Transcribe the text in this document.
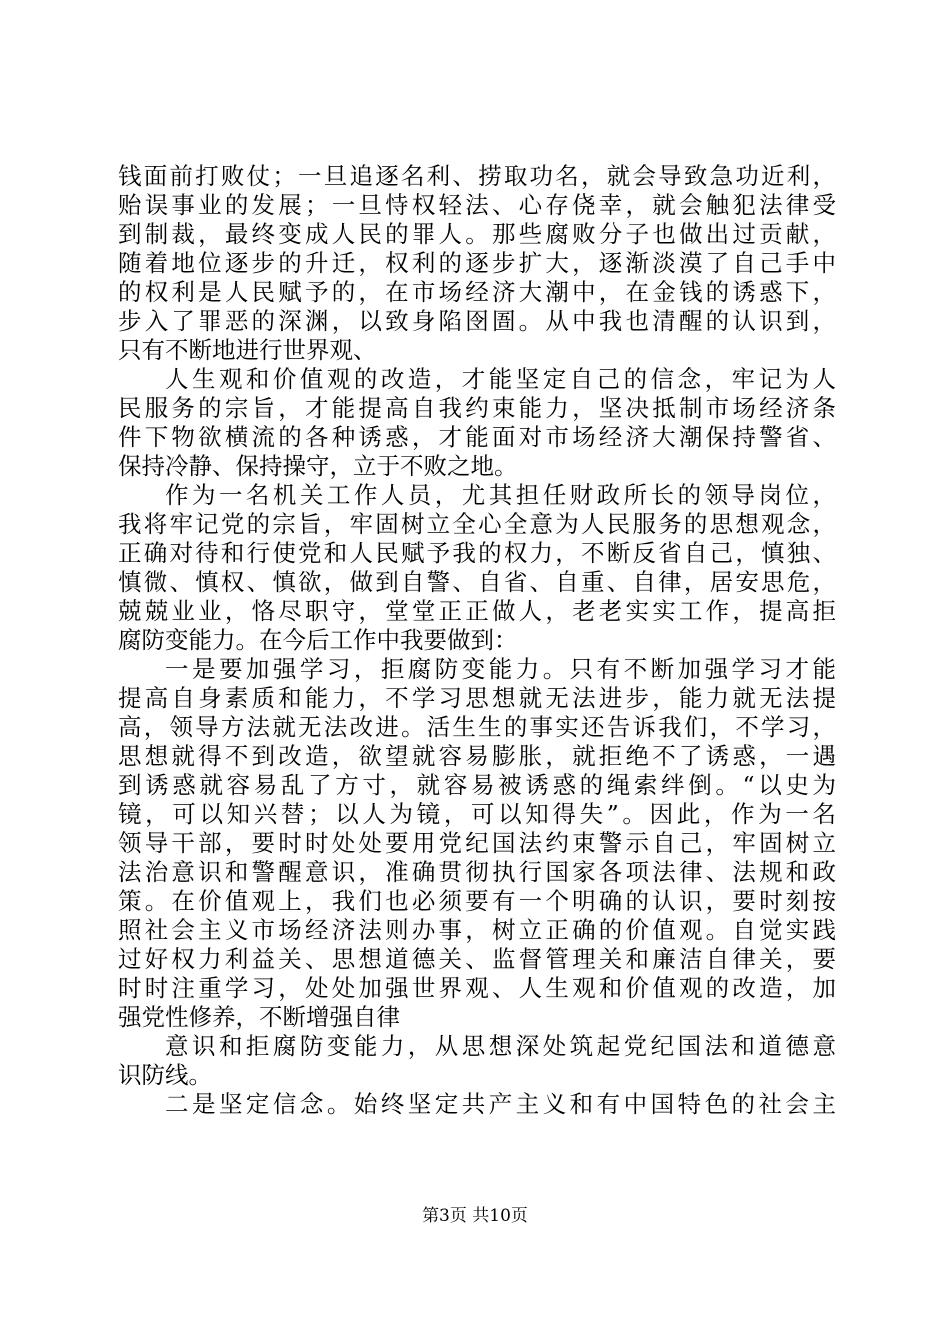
钱面前打败仗；一旦追逐名利、捞取功名，就会导致急功近利，
贻误事业的发展；一旦恃权轻法、心存侥幸，就会触犯法律受
到制裁，最终变成人民的罪人。那些腐败分子也做出过贡献，
随着地位逐步的升迁，权利的逐步扩大，逐渐淡漠了自己手中
的权利是人民赋予的，在市场经济大潮中，在金钱的诱惑下，
步入了罪恶的深渊，以致身陷囹圄。从中我也清醒的认识到，
只有不断地进行世界观、
人生观和价值观的改造，才能坚定自己的信念，牢记为人
民服务的宗旨，才能提高自我约束能力，坚决抵制市场经济条
件下物欲横流的各种诱惑，才能面对市场经济大潮保持警省、
保持冷静、保持操守，立于不败之地。
作为一名机关工作人员，尤其担任财政所长的领导岗位，
我将牢记党的宗旨，牢固树立全心全意为人民服务的思想观念，
正确对待和行使党和人民赋予我的权力，不断反省自己，慎独、
慎微、慎权、慎欲，做到自警、自省、自重、自律，居安思危，
兢兢业业，恪尽职守，堂堂正正做人，老老实实工作，提高拒
腐防变能力。在今后工作中我要做到：
一是要加强学习，拒腐防变能力。只有不断加强学习才能
提高自身素质和能力，不学习思想就无法进步，能力就无法提
高，领导方法就无法改进。活生生的事实还告诉我们，不学习，
思想就得不到改造，欲望就容易膨胀，就拒绝不了诱惑，一遇
到诱惑就容易乱了方寸，就容易被诱惑的绳索绊倒。“以史为
镜，可以知兴替；以人为镜，可以知得失”。因此，作为一名
领导干部，要时时处处要用党纪国法约束警示自己，牢固树立
法治意识和警醒意识，准确贯彻执行国家各项法律、法规和政
策。在价值观上，我们也必须要有一个明确的认识，要时刻按
照社会主义市场经济法则办事，树立正确的价值观。自觉实践
过好权力利益关、思想道德关、监督管理关和廉洁自律关，要
时时注重学习，处处加强世界观、人生观和价值观的改造，加
强党性修养，不断增强自律
意识和拒腐防变能力，从思想深处筑起党纪国法和道德意
识防线。
二是坚定信念。始终坚定共产主义和有中国特色的社会主
第3页 共10页
